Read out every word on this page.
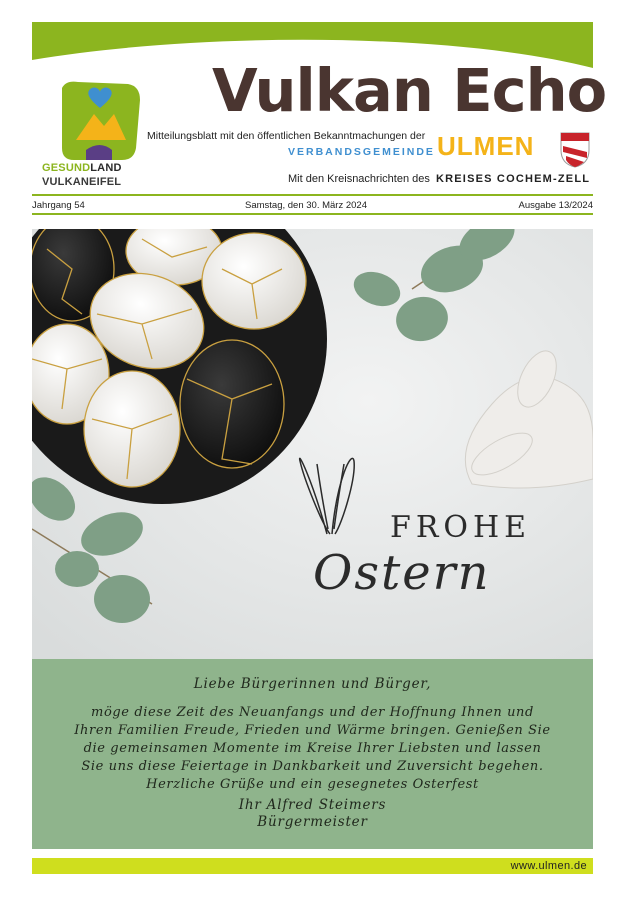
GESUNDLAND
VULKANEIFEL
Vulkan Echo
Mitteilungsblatt mit den öffentlichen Bekanntmachungen der
VERBANDSGEMEINDE ULMEN
Mit den Kreisnachrichten des KREISES COCHEM-ZELL
Jahrgang 54	Samstag, den 30. März 2024	Ausgabe 13/2024
FROHE
Ostern
Liebe Bürgerinnen und Bürger,
möge diese Zeit des Neuanfangs und der Hoffnung Ihnen und Ihren Familien Freude, Frieden und Wärme bringen. Genießen Sie die gemeinsamen Momente im Kreise Ihrer Liebsten und lassen Sie uns diese Feiertage in Dankbarkeit und Zuversicht begehen. Herzliche Grüße und ein gesegnetes Osterfest
Ihr Alfred Steimers
Bürgermeister
www.ulmen.de
